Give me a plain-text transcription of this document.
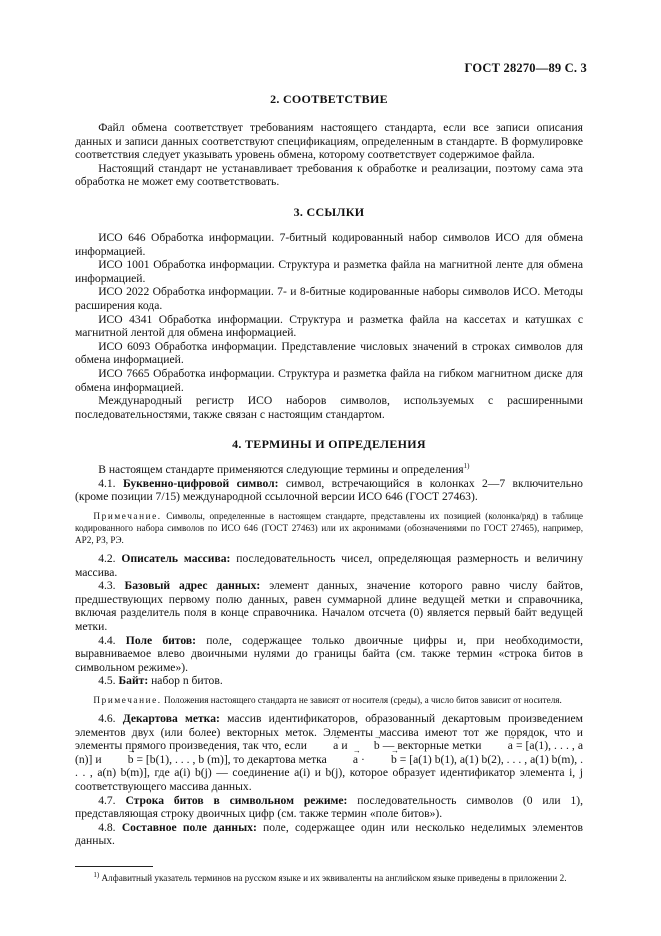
ГОСТ 28270—89 С. 3
2. СООТВЕТСТВИЕ

Файл обмена соответствует требованиям настоящего стандарта, если все записи описания данных и записи данных соответствуют спецификациям, определенным в стандарте. В формулировке соответствия следует указывать уровень обмена, которому соответствует содержимое файла.

Настоящий стандарт не устанавливает требования к обработке и реализации, поэтому сама эта обработка не может ему соответствовать.

3. ССЫЛКИ

ИСО 646 Обработка информации. 7-битный кодированный набор символов ИСО для обмена информацией.

ИСО 1001 Обработка информации. Структура и разметка файла на магнитной ленте для обмена информацией.

ИСО 2022 Обработка информации. 7- и 8-битные кодированные наборы символов ИСО. Методы расширения кода.

ИСО 4341 Обработка информации. Структура и разметка файла на кассетах и катушках с магнитной лентой для обмена информацией.

ИСО 6093 Обработка информации. Представление числовых значений в строках символов для обмена информацией.

ИСО 7665 Обработка информации. Структура и разметка файла на гибком магнитном диске для обмена информацией.

Международный регистр ИСО наборов символов, используемых с расширенными последовательностями, также связан с настоящим стандартом.

4. ТЕРМИНЫ И ОПРЕДЕЛЕНИЯ

В настоящем стандарте применяются следующие термины и определения$^{1)}$

4.1. Буквенно-цифровой символ: символ, встречающийся в колонках 2—7 включительно (кроме позиции 7/15) международной ссылочной версии ИСО 646 (ГОСТ 27463).

Примечание. Символы, определенные в настоящем стандарте, представлены их позицией (колонка/ряд) в таблице кодированного набора символов по ИСО 646 (ГОСТ 27463) или их акронимами (обозначениями по ГОСТ 27465), например, АР2, РЗ, РЭ.

4.2. Описатель массива: последовательность чисел, определяющая размерность и величину массива.

4.3. Базовый адрес данных: элемент данных, значение которого равно числу байтов, предшествующих первому полю данных, равен суммарной длине ведущей метки и справочника, включая разделитель поля в конце справочника. Началом отсчета (0) является первый байт ведущей метки.

4.4. Поле битов: поле, содержащее только двоичные цифры и, при необходимости, выравниваемое влево двоичными нулями до границы байта (см. также термин «строка битов в символьном режиме»).

4.5. Байт: набор n битов.

Примечание. Положения настоящего стандарта не зависят от носителя (среды), а число битов зависит от носителя.

4.6. Декартова метка: массив идентификаторов, образованный декартовым произведением элементов двух (или более) векторных меток. Элементы массива имеют тот же порядок, что и элементы прямого произведения, так что, если a → и b → — векторные метки a → = [a(1), . . . , a (n)] и b → = [b(1), . . . , b (m)], то декартова метка a → · b → = [a(1) b(1), a(1) b(2), . . . , a(1) b(m), . . . , a(n) b(m)], где a(i) b(j) — соединение a(i) и b(j), которое образует идентификатор элемента i, j соответствующего массива данных.

4.7. Строка битов в символьном режиме: последовательность символов (0 или 1), представляющая строку двоичных цифр (см. также термин «поле битов»).

4.8. Составное поле данных: поле, содержащее один или несколько неделимых элементов данных.

$^{1)}$ Алфавитный указатель терминов на русском языке и их эквиваленты на английском языке приведены в приложении 2.
